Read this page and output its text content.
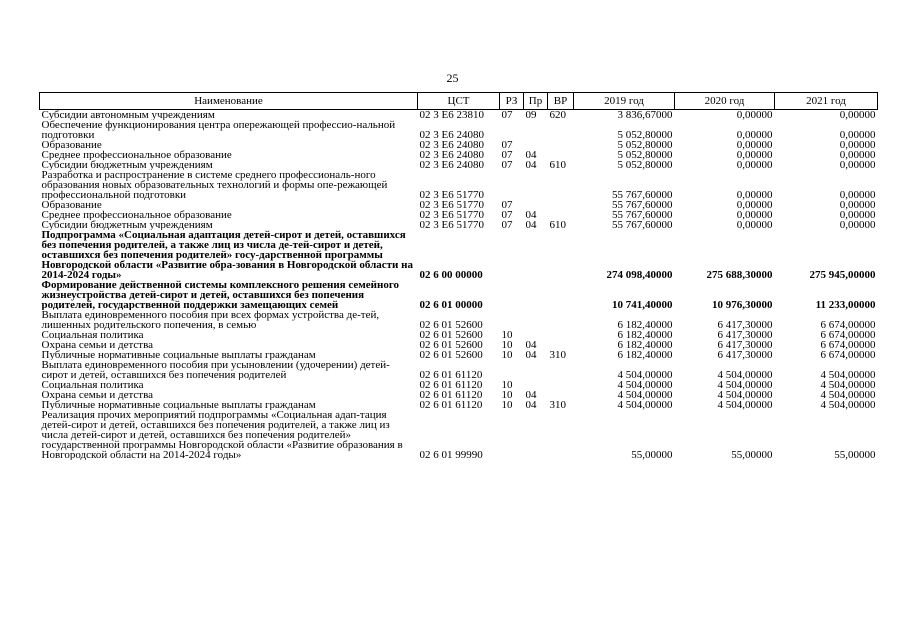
25
Наименование	ЦСТ	РЗ	Пр	ВР	2019 год	2020 год	2021 год
Субсидии автономным учреждениям	02 3 E6 23810	07	09	620	3 836,67000	0,00000	0,00000
Обеспечение функционирования центра опережающей профессио-нальной подготовки	02 3 E6 24080				5 052,80000	0,00000	0,00000
Образование	02 3 E6 24080	07			5 052,80000	0,00000	0,00000
Среднее профессиональное образование	02 3 E6 24080	07	04		5 052,80000	0,00000	0,00000
Субсидии бюджетным учреждениям	02 3 E6 24080	07	04	610	5 052,80000	0,00000	0,00000
Разработка и распространение в системе среднего профессиональ-ного образования новых образовательных технологий и формы опе-режающей профессиональной подготовки	02 3 E6 51770				55 767,60000	0,00000	0,00000
Образование	02 3 E6 51770	07			55 767,60000	0,00000	0,00000
Среднее профессиональное образование	02 3 E6 51770	07	04		55 767,60000	0,00000	0,00000
Субсидии бюджетным учреждениям	02 3 E6 51770	07	04	610	55 767,60000	0,00000	0,00000
Подпрограмма «Социальная адаптация детей-сирот и детей, оставшихся без попечения родителей, а также лиц из числа де-тей-сирот и детей, оставшихся без попечения родителей» госу-дарственной программы Новгородской области «Развитие обра-зования в Новгородской области на 2014-2024 годы»	02 6 00 00000				274 098,40000	275 688,30000	275 945,00000
Формирование действенной системы комплексного решения семейного жизнеустройства детей-сирот и детей, оставшихся без попечения родителей, государственной поддержки замещающих семей	02 6 01 00000				10 741,40000	10 976,30000	11 233,00000
Выплата единовременного пособия при всех формах устройства де-тей, лишенных родительского попечения, в семью	02 6 01 52600				6 182,40000	6 417,30000	6 674,00000
Социальная политика	02 6 01 52600	10			6 182,40000	6 417,30000	6 674,00000
Охрана семьи и детства	02 6 01 52600	10	04		6 182,40000	6 417,30000	6 674,00000
Публичные нормативные социальные выплаты гражданам	02 6 01 52600	10	04	310	6 182,40000	6 417,30000	6 674,00000
Выплата единовременного пособия при усыновлении (удочерении) детей-сирот и детей, оставшихся без попечения родителей	02 6 01 61120				4 504,00000	4 504,00000	4 504,00000
Социальная политика	02 6 01 61120	10			4 504,00000	4 504,00000	4 504,00000
Охрана семьи и детства	02 6 01 61120	10	04		4 504,00000	4 504,00000	4 504,00000
Публичные нормативные социальные выплаты гражданам	02 6 01 61120	10	04	310	4 504,00000	4 504,00000	4 504,00000
Реализация прочих мероприятий подпрограммы «Социальная адап-тация детей-сирот и детей, оставшихся без попечения родителей, а также лиц из числа детей-сирот и детей, оставшихся без попечения родителей» государственной программы Новгородской области «Развитие образования в Новгородской области на 2014-2024 годы»	02 6 01 99990				55,00000	55,00000	55,00000
